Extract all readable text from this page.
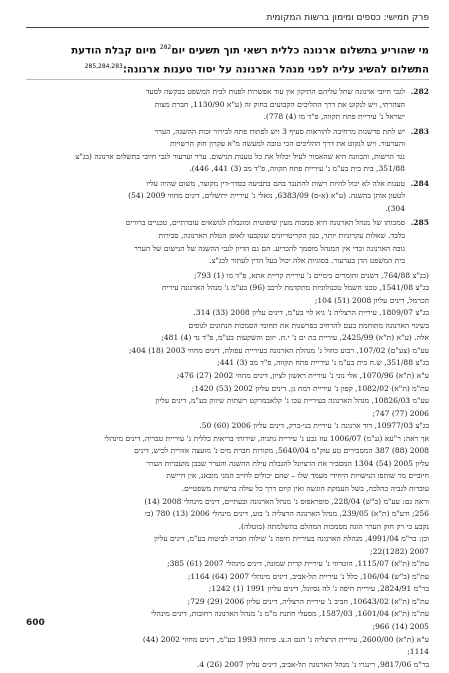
פרק חמישי: כספים ומימון ברשות המקומית
מי שהוריע בתשלום ארנונה כללית רשאי תוך תשעים יום$^{282}$ מיום קבלת הודעת
התשלום להשיג עליה לפני מנהל הארנונה על יסוד טענות ארנונה:$^{285,284,283}$
282.לגבי חיובי ארנונה שחל עליהם התיקון אין עוד אפשרות לפנות לבית המשפט בבקשה לסעד
הצהרתי, ויש לנקוט את דרך ההליכים הקבועים בחוק זה (ע"א 1130/90, חברת מצות
ישראל נ' עיריית פתח תקווה, פ"ד מו (4) 778).
283.יש לתת פרשנות מרחיבה להוראות סעיף 3 ויש לפתוח פתח לבירור זכות ההשגה, הערר
והערעור. ויש לנקוט את דרך ההליכים הכי טובה למעשה מ"א עקרון חוק הרשויות
נגד הרשות, והכוונה היא שהאמור לעיל יכלול את כל טענות הנישום. ערר וערעור לגבי חיובי בתשלום ארנונה (בג"צ
351/88, בית בית בע"מ נ' עיריית פתח תקווה, פ"ד מב (3) 441, 446).
284.טענות אלה לא יכול להיות רשות להתנגד בהם בתביעה בסדר-דין מקוצר, משום שהיה עליו
לטעון אותן בהשגה. (ע"א (א-ס) 6383/09, נזאלי נ' עיריית ירושלים, דינים מחוזי 2009 (54)
304).
285.סמכותו של מנהל הארנונה היא סמכות מעין שיפוטית ומוגבלת לנושאים עובדתיים, טכניים ברורים
בלבד. שאלות עקרוניות יותר, כגון הקריטריונים שנקבעו לאופן הטלת הארנונה, סבירות
גובה הארנונה וכדי אין המנהל מוסמך להכריע. הם גם הדיון לגבי ההשגה של הנישום של הערר
בית המשפט הדן בערעור. בסוגיות אלה יכול בעל הדין לעתור לבג"צ.
(בג"צ 764/88, דשנים וחומרים כימיים נ' עיריית קריית אתא, פ"ד מו (1) 793;
בג"צ 1541/08, טכנו חשמל טכנולוגיות מתקדמת לרכב (96) בע"מ נ' מנהל הארנונה עירית
הכרמל, דינים עליון 2008 (51) 104;
בג"צ 1809/07, עיריית הרצליה נ' גיא לוי בע"מ, דינים עליון 2008 (33) 314.
בשינוי הארנונה מתוחמת בעם להרחיב בפרשנות את תחומי הסמכות הנתונים לגופים
אלה. (ע"א (ת"א) 2425/99, עיריית בת ים נ' י.ח. יזום והשקעות בע"מ, פ"ד נד (4) 481;
עע"מ (צע"ם) 107/02, רבוע כחול נ' מנהלת הארנונה בעיריית עפולה, דינים מחוזי 2003 (18) 404;
בג"צ 351/88, ש.ח בית בע"מ נ' עיריית פתח תקווה, פ"ד מב (3) 441;
ע"א (ת"א) 1070/96, אלי נוני נ' עיריית ראשון לציון, דינים מחוזי 2002 (27) 476;
עת"מ (ת"א) 1082/02, קפון נ' עיריית רמת גן, דינים עליון 2002 (53) 1420;
עע"מ 10826/03, מנהל הארנונה בעיריית עכו נ' קלאבמרקט רשתות שיווק בע"מ, דינים עליון
2006 (77) 747;
בג"צ 10977/03, דוד ארנונה נ' עיריית בני-ברק, דינים עליון 2006 (60) 50.
אך ראה: ר"עא (גנ"מ) 1006/07 עוז גבע נ' עיריית נתניה, שירותי בריאות כללית נ' עיריית טבריה, דינים מינהלי
2008 (88) 387 המסבירים טע עוק"מ 5640/04, מקורות חברת מים נ' מועצה אזורית לכיש, דינים
עליון 2005 (54) 1304 המסביר את הרציונל להגבלת עילת ההשגה והערר שבבן מועברות הערר
חיוביים מר שותפו הנישויות היחידי מעמד שלו – שהם יכולים לחייב המני מובאנ, אין דרישת
עובדות לגביה כהלכה, בשל העמקת הוגשה ואין קיום דרך כל עולה ברשויות משפטיים.
וראה גם: עע"מ (ב"ש) 228/04, סופראפוס נ' מנהל הארנונה ובעתיים, דינים מינהלי 2008 (14)
256; ודע"מ (ת"א) 239/05, מנהל הארנונה הרצליה נ' בוע, דינים מינהלי 2006 (13) 780 (בו
נקבע כי רק חוק הערר הוגה מסמכות המהלם בהשלמתה (בוטלה).
וכן: בר"מ 4991/04, מנהלת הארנונה בעיריית חיפה נ' שילוח חברה לביטוח בע"מ, דינים עליון
2007 (1282)22;
עת"מ (ת"א) 1115/07, הוטרוזי נ' עיריית קרית שמונה, דינים מינהלי 2007 (61) 385;
עת"מ (ב"ש) 106/04, כלל נ' עיריית תל-אביב, דינים מינהלי 2007 (64) 1164;
בר"מ 2824/91, עיריית חיפה נ' לה נסיונל, דינים עליון 1991 (1) 1242;
עת"מ (ת"א) 10643/02, חביב נ' עיריית הרצליה, דינים עליון 2006 (29) 729;
עת"מ (ת"א) 1601/04, 1587/03, מסעלי חתנת מ"מ נ' מנהל הארנונה רחובות, דינים מינהלי
2005 (14) 966;
ע"א (ת"א) 2600/00, עיריית הרצליה נ' חנס ה.צ. פיתוח 1993 בע"מ, דינים מחוזי 2002 (44)
1114;
בר"מ 9817/06, רינגרו נ' מנהל הארנונה תל-אביב, דינים עליון 2007 (26) 4.
600
